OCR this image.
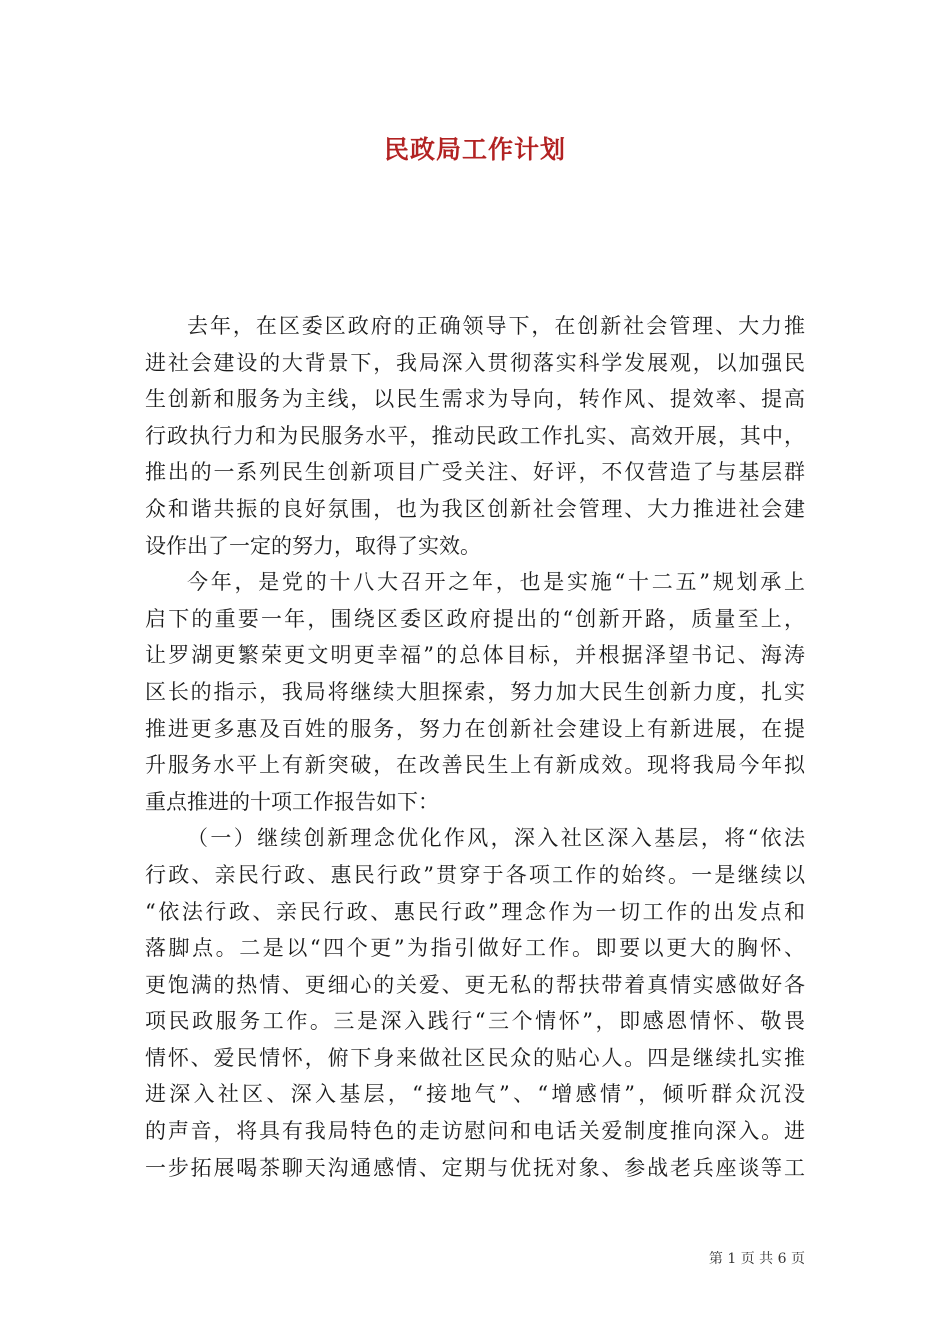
民政局工作计划
去年，在区委区政府的正确领导下，在创新社会管理、大力推
进社会建设的大背景下，我局深入贯彻落实科学发展观，以加强民
生创新和服务为主线，以民生需求为导向，转作风、提效率、提高
行政执行力和为民服务水平，推动民政工作扎实、高效开展，其中，
推出的一系列民生创新项目广受关注、好评，不仅营造了与基层群
众和谐共振的良好氛围，也为我区创新社会管理、大力推进社会建
设作出了一定的努力，取得了实效。
今年，是党的十八大召开之年，也是实施“十二五”规划承上
启下的重要一年，围绕区委区政府提出的“创新开路，质量至上，
让罗湖更繁荣更文明更幸福”的总体目标，并根据泽望书记、海涛
区长的指示，我局将继续大胆探索，努力加大民生创新力度，扎实
推进更多惠及百姓的服务，努力在创新社会建设上有新进展，在提
升服务水平上有新突破，在改善民生上有新成效。现将我局今年拟
重点推进的十项工作报告如下：
（一）继续创新理念优化作风，深入社区深入基层，将“依法
行政、亲民行政、惠民行政”贯穿于各项工作的始终。一是继续以
“依法行政、亲民行政、惠民行政”理念作为一切工作的出发点和
落脚点。二是以“四个更”为指引做好工作。即要以更大的胸怀、
更饱满的热情、更细心的关爱、更无私的帮扶带着真情实感做好各
项民政服务工作。三是深入践行“三个情怀”，即感恩情怀、敬畏
情怀、爱民情怀，俯下身来做社区民众的贴心人。四是继续扎实推
进深入社区、深入基层，“接地气”、“增感情”，倾听群众沉没
的声音，将具有我局特色的走访慰问和电话关爱制度推向深入。进
一步拓展喝茶聊天沟通感情、定期与优抚对象、参战老兵座谈等工
第 1 页 共 6 页
